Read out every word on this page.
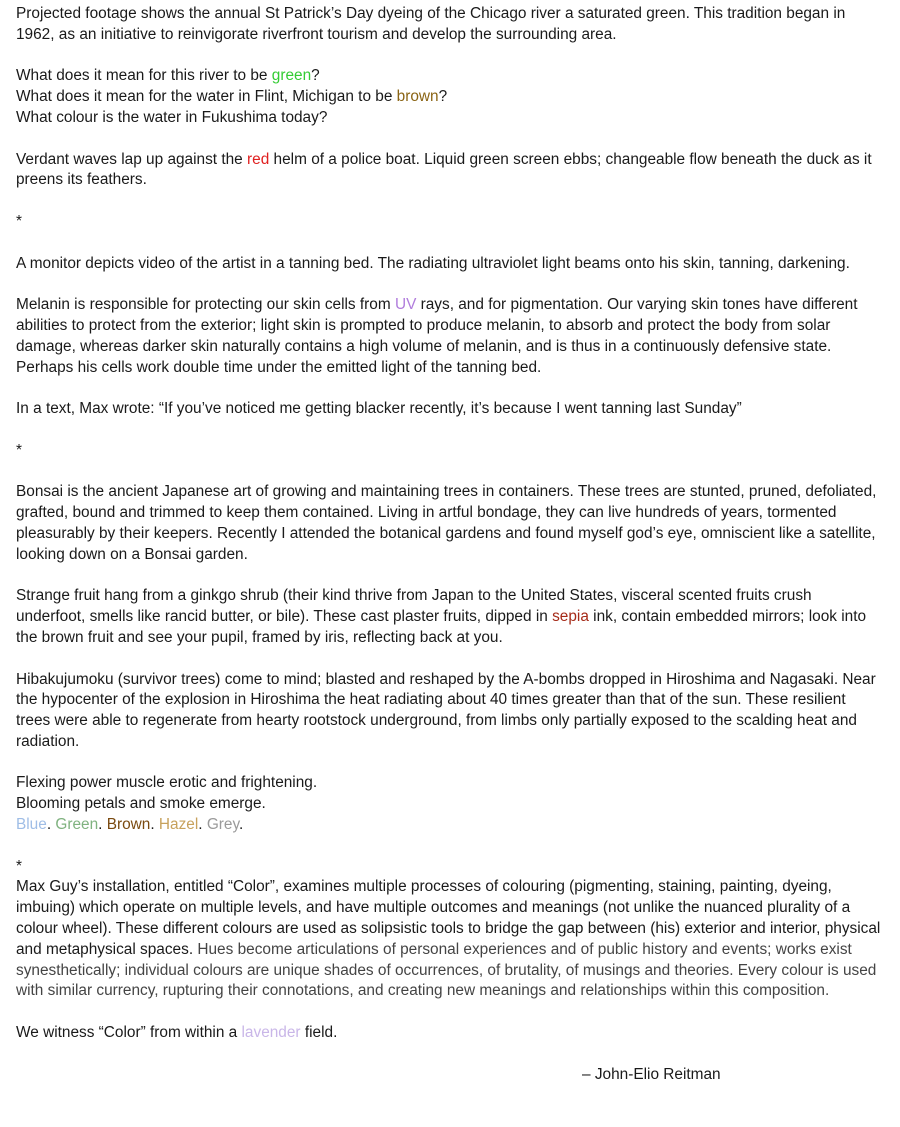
Projected footage shows the annual St Patrick’s Day dyeing of the Chicago river a saturated green. This tradition began in 1962, as an initiative to reinvigorate riverfront tourism and develop the surrounding area.

What does it mean for this river to be green?

What does it mean for the water in Flint, Michigan to be brown?

What colour is the water in Fukushima today?

Verdant waves lap up against the red helm of a police boat. Liquid green screen ebbs; changeable flow beneath the duck as it preens its feathers.

*

A monitor depicts video of the artist in a tanning bed. The radiating ultraviolet light beams onto his skin, tanning, darkening.

Melanin is responsible for protecting our skin cells from UV rays, and for pigmentation. Our varying skin tones have different abilities to protect from the exterior; light skin is prompted to produce melanin, to absorb and protect the body from solar damage, whereas darker skin naturally contains a high volume of melanin, and is thus in a continuously defensive state. Perhaps his cells work double time under the emitted light of the tanning bed.

In a text, Max wrote: “If you’ve noticed me getting blacker recently, it’s because I went tanning last Sunday”

*

Bonsai is the ancient Japanese art of growing and maintaining trees in containers. These trees are stunted, pruned, defoliated, grafted, bound and trimmed to keep them contained. Living in artful bondage, they can live hundreds of years, tormented pleasurably by their keepers. Recently I attended the botanical gardens and found myself god’s eye, omniscient like a satellite, looking down on a Bonsai garden.

Strange fruit hang from a ginkgo shrub (their kind thrive from Japan to the United States, visceral scented fruits crush underfoot, smells like rancid butter, or bile). These cast plaster fruits, dipped in sepia ink, contain embedded mirrors; look into the brown fruit and see your pupil, framed by iris, reflecting back at you.

Hibakujumoku (survivor trees) come to mind; blasted and reshaped by the A-bombs dropped in Hiroshima and Nagasaki. Near the hypocenter of the explosion in Hiroshima the heat radiating about 40 times greater than that of the sun. These resilient trees were able to regenerate from hearty rootstock underground, from limbs only partially exposed to the scalding heat and radiation.

Flexing power muscle erotic and frightening.

Blooming petals and smoke emerge.

Blue. Green. Brown. Hazel. Grey.

*

Max Guy’s installation, entitled “Color”, examines multiple processes of colouring (pigmenting, staining, painting, dyeing, imbuing) which operate on multiple levels, and have multiple outcomes and meanings (not unlike the nuanced plurality of a colour wheel). These different colours are used as solipsistic tools to bridge the gap between (his) exterior and interior, physical and metaphysical spaces. Hues become articulations of personal experiences and of public history and events; works exist synesthetically; individual colours are unique shades of occurrences, of brutality, of musings and theories. Every colour is used with similar currency, rupturing their connotations, and creating new meanings and relationships within this composition.

We witness “Color” from within a lavender field.

– John-Elio Reitman
